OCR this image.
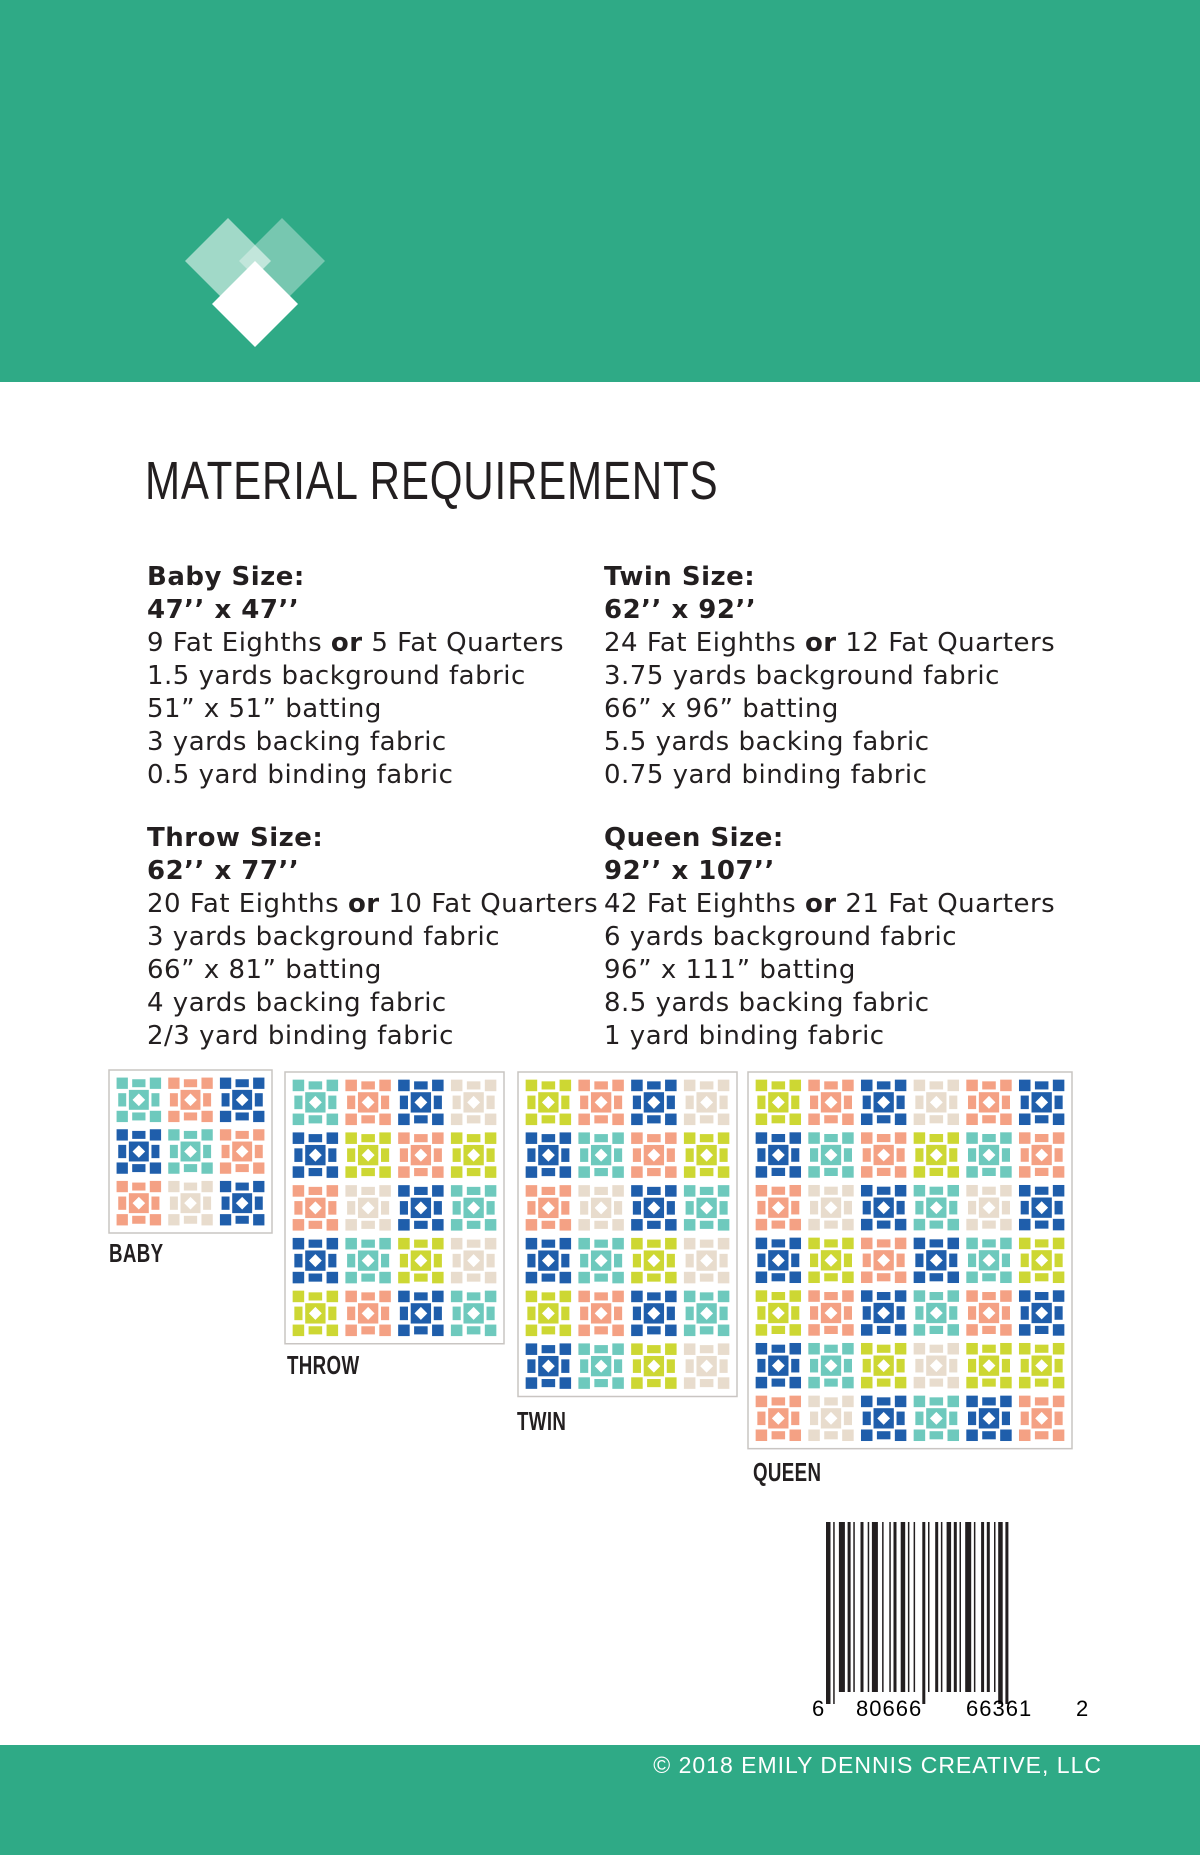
MATERIAL REQUIREMENTS
Baby Size:
47’’ x 47’’
9 Fat Eighths or 5 Fat Quarters
1.5 yards background fabric
51” x 51” batting
3 yards backing fabric
0.5 yard binding fabric
Twin Size:
62’’ x 92’’
24 Fat Eighths or 12 Fat Quarters
3.75 yards background fabric
66” x 96” batting
5.5 yards backing fabric
0.75 yard binding fabric
Throw Size:
62’’ x 77’’
20 Fat Eighths or 10 Fat Quarters
3 yards background fabric
66” x 81” batting
4 yards backing fabric
2/3 yard binding fabric
Queen Size:
92’’ x 107’’
42 Fat Eighths or 21 Fat Quarters
6 yards background fabric
96” x 111” batting
8.5 yards backing fabric
1 yard binding fabric
BABY
THROW
TWIN
QUEEN
6 80666 66361 2
© 2018 EMILY DENNIS CREATIVE, LLC
